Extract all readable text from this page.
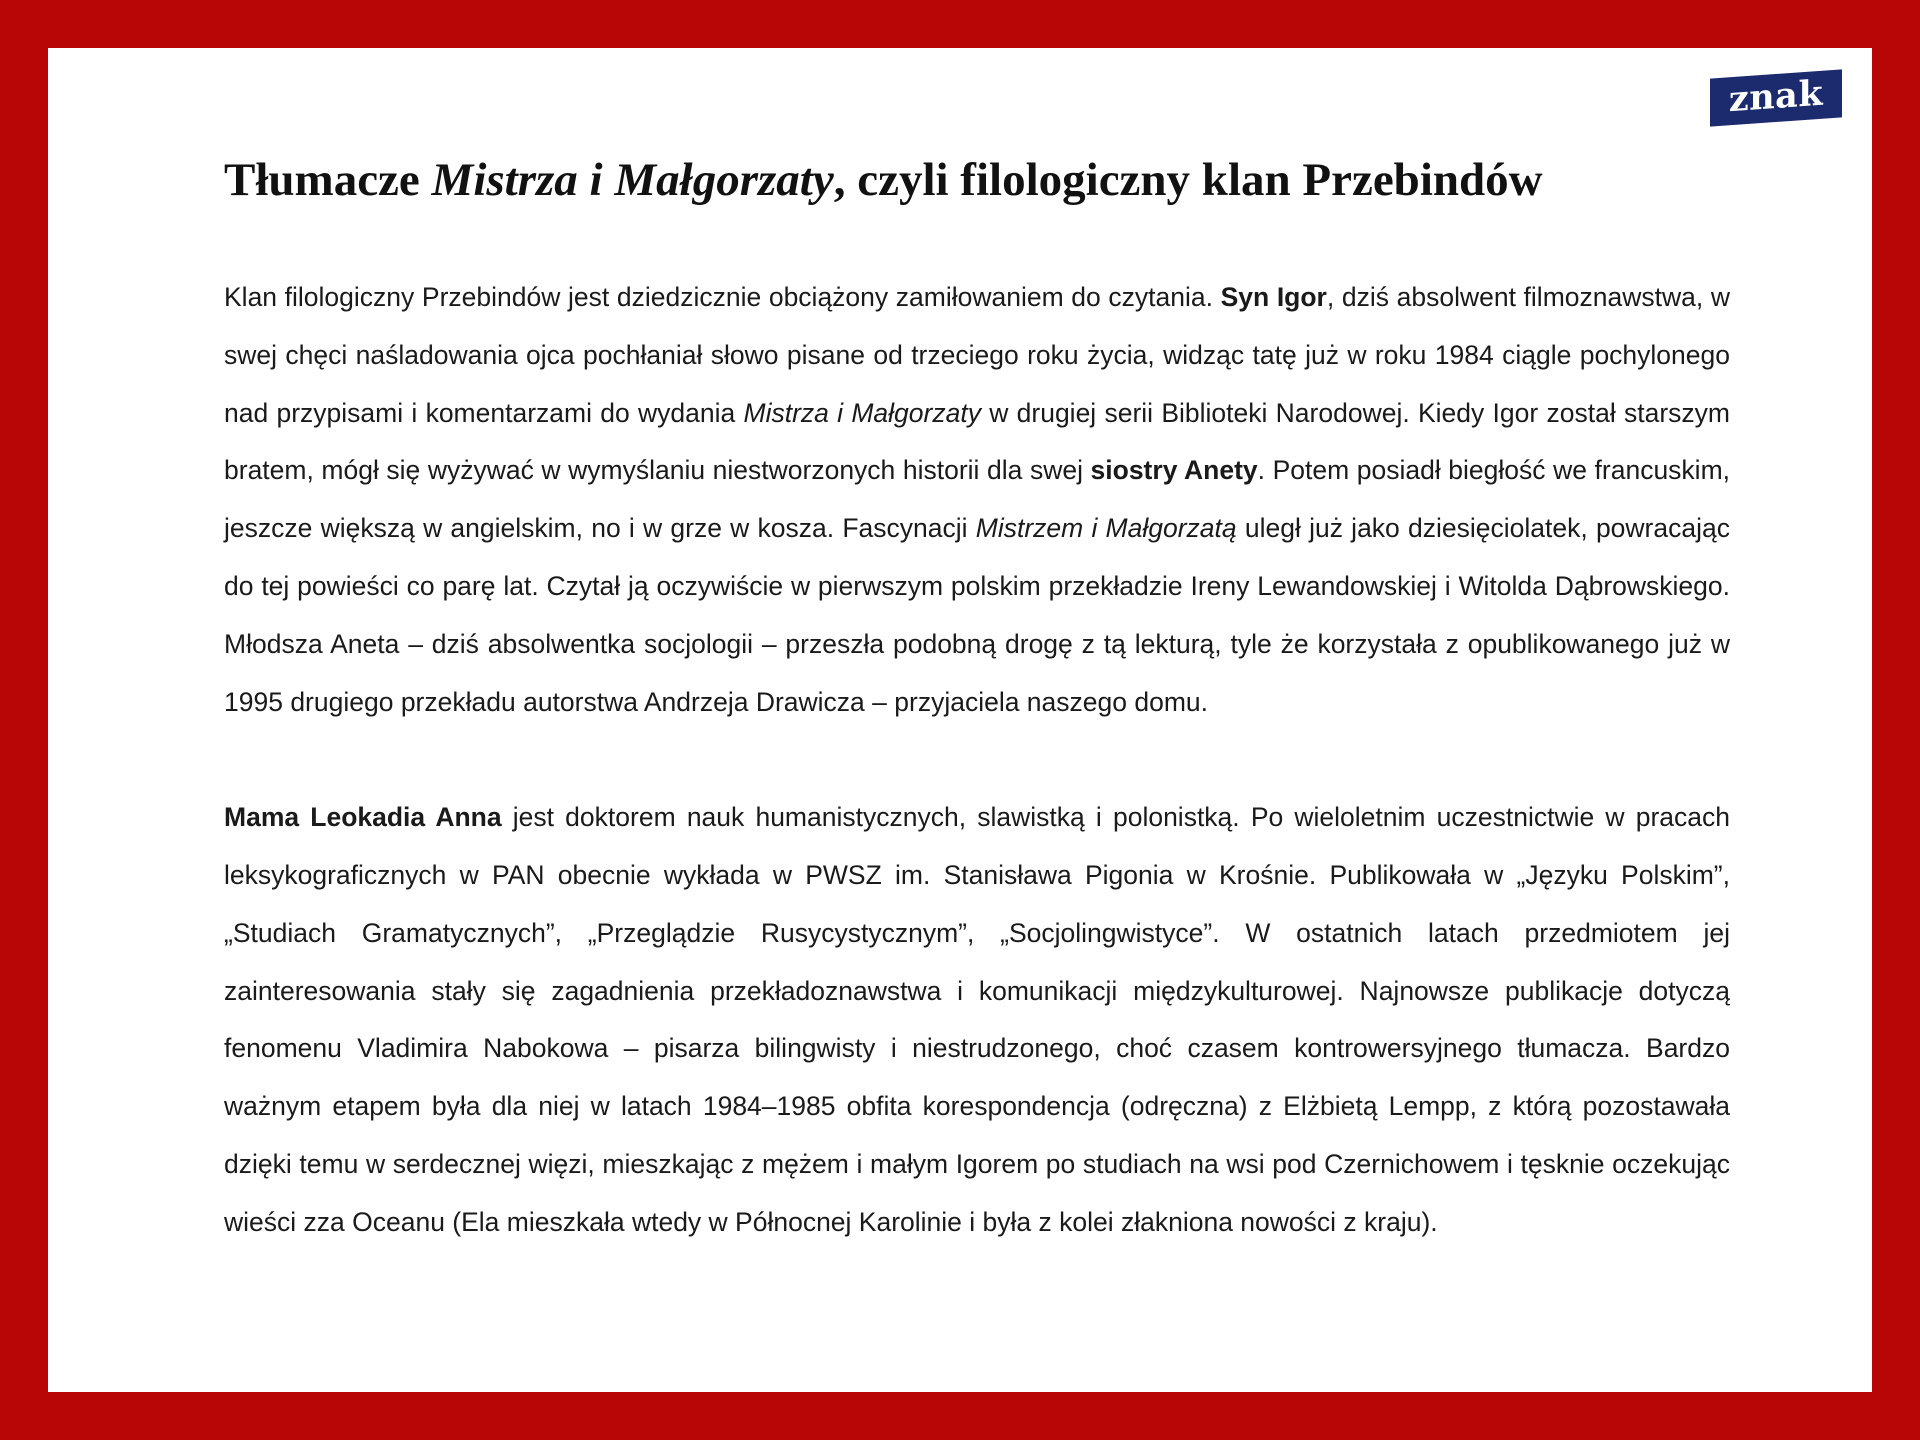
znak
Tłumacze Mistrza i Małgorzaty, czyli filologiczny klan Przebindów

Klan filologiczny Przebindów jest dziedzicznie obciążony zamiłowaniem do czytania. Syn Igor, dziś absolwent filmoznawstwa, w swej chęci naśladowania ojca pochłaniał słowo pisane od trzeciego roku życia, widząc tatę już w roku 1984 ciągle pochylonego nad przypisami i komentarzami do wydania Mistrza i Małgorzaty w drugiej serii Biblioteki Narodowej. Kiedy Igor został starszym bratem, mógł się wyżywać w wymyślaniu niestworzonych historii dla swej siostry Anety. Potem posiadł biegłość we francuskim, jeszcze większą w angielskim, no i w grze w kosza. Fascynacji Mistrzem i Małgorzatą uległ już jako dziesięciolatek, powracając do tej powieści co parę lat. Czytał ją oczywiście w pierwszym polskim przekładzie Ireny Lewandowskiej i Witolda Dąbrowskiego. Młodsza Aneta – dziś absolwentka socjologii – przeszła podobną drogę z tą lekturą, tyle że korzystała z opublikowanego już w 1995 drugiego przekładu autorstwa Andrzeja Drawicza – przyjaciela naszego domu.

Mama Leokadia Anna jest doktorem nauk humanistycznych, slawistką i polonistką. Po wieloletnim uczestnictwie w pracach leksykograficznych w PAN obecnie wykłada w PWSZ im. Stanisława Pigonia w Krośnie. Publikowała w „Języku Polskim”, „Studiach Gramatycznych”, „Przeglądzie Rusycystycznym”, „Socjolingwistyce”. W ostatnich latach przedmiotem jej zainteresowania stały się zagadnienia przekładoznawstwa i komunikacji międzykulturowej. Najnowsze publikacje dotyczą fenomenu Vladimira Nabokowa – pisarza bilingwisty i niestrudzonego, choć czasem kontrowersyjnego tłumacza. Bardzo ważnym etapem była dla niej w latach 1984–1985 obfita korespondencja (odręczna) z Elżbietą Lempp, z którą pozostawała dzięki temu w serdecznej więzi, mieszkając z mężem i małym Igorem po studiach na wsi pod Czernichowem i tęsknie oczekując wieści zza Oceanu (Ela mieszkała wtedy w Północnej Karolinie i była z kolei złakniona nowości z kraju).
